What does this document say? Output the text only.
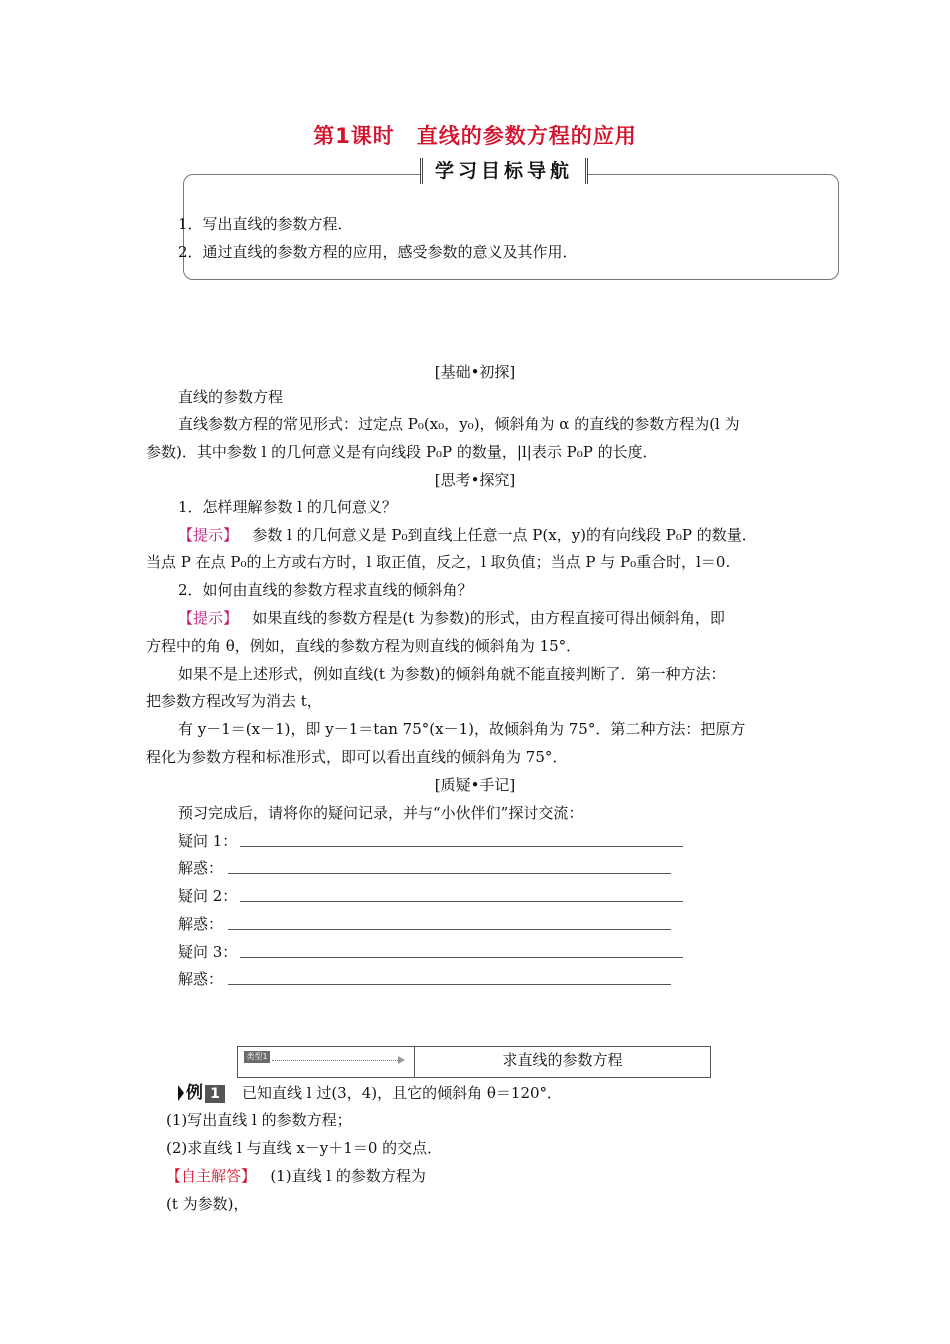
第1课时　直线的参数方程的应用
学习目标导航
1．写出直线的参数方程．
2．通过直线的参数方程的应用，感受参数的意义及其作用．
[基础•初探]
直线的参数方程
直线参数方程的常见形式：过定点 P₀(x₀，y₀)，倾斜角为 α 的直线的参数方程为(l 为
参数)．其中参数 l 的几何意义是有向线段 P₀P 的数量，|l|表示 P₀P 的长度．
[思考•探究]
1．怎样理解参数 l 的几何意义？
【提示】 参数 l 的几何意义是 P₀到直线上任意一点 P(x，y)的有向线段 P₀P 的数量．
当点 P 在点 P₀的上方或右方时，l 取正值，反之，l 取负值；当点 P 与 P₀重合时，l＝0.
2．如何由直线的参数方程求直线的倾斜角？
【提示】 如果直线的参数方程是(t 为参数)的形式，由方程直接可得出倾斜角，即
方程中的角 θ，例如，直线的参数方程为则直线的倾斜角为 15°．
如果不是上述形式，例如直线(t 为参数)的倾斜角就不能直接判断了．第一种方法：
把参数方程改写为消去 t，
有 y－1＝(x－1)，即 y－1＝tan 75°(x－1)，故倾斜角为 75°．第二种方法：把原方
程化为参数方程和标准形式，即可以看出直线的倾斜角为 75°．
[质疑•手记]
预习完成后，请将你的疑问记录，并与“小伙伴们”探讨交流：
疑问 1：
解惑：
疑问 2：
解惑：
疑问 3：
解惑：
类型1	求直线的参数方程
例 1	已知直线 l 过(3，4)，且它的倾斜角 θ＝120°．
(1)写出直线 l 的参数方程；
(2)求直线 l 与直线 x－y＋1＝0 的交点．
【自主解答】 (1)直线 l 的参数方程为
(t 为参数)，
